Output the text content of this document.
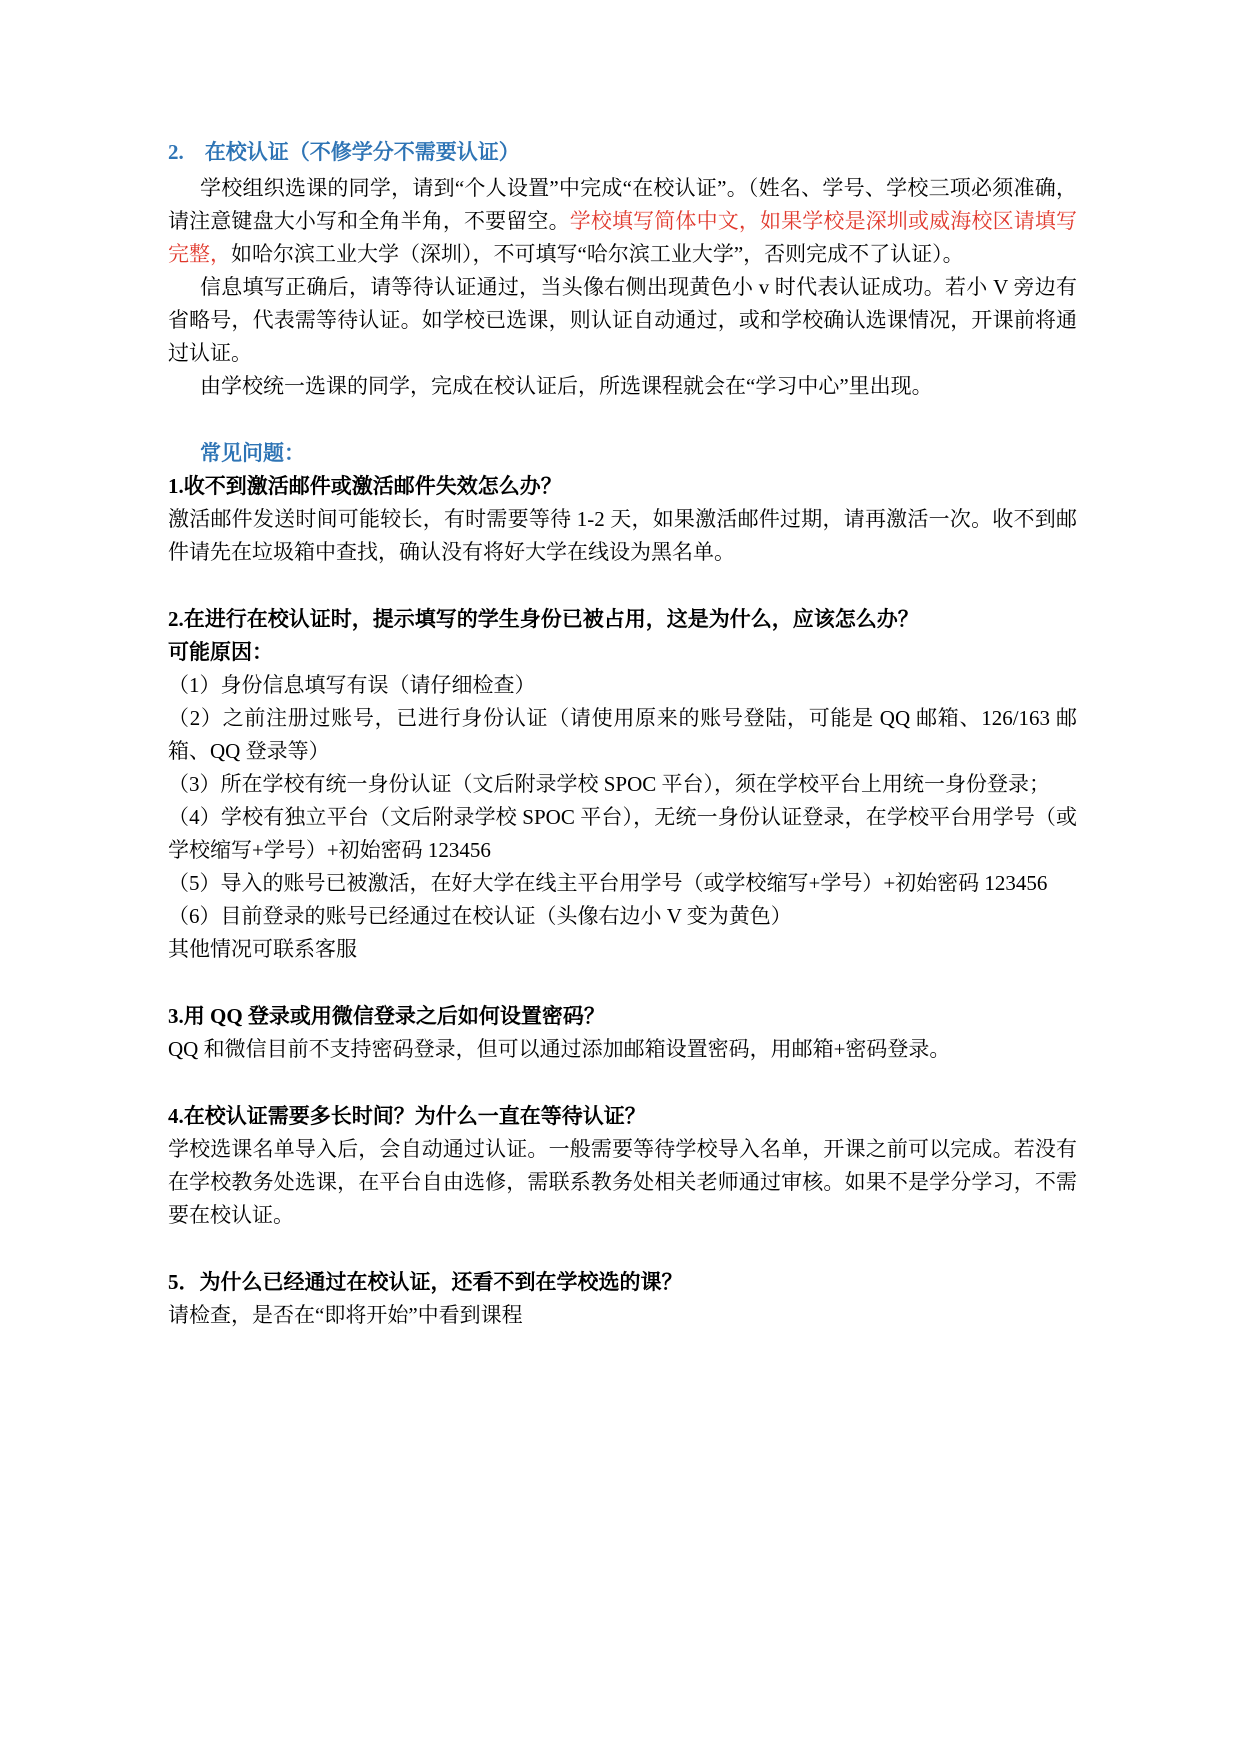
2.　在校认证（不修学分不需要认证）

学校组织选课的同学，请到“个人设置”中完成“在校认证”。（姓名、学号、学校三项必须准确，请注意键盘大小写和全角半角，不要留空。学校填写简体中文，如果学校是深圳或威海校区请填写完整，如哈尔滨工业大学（深圳），不可填写“哈尔滨工业大学”，否则完成不了认证）。

信息填写正确后，请等待认证通过，当头像右侧出现黄色小 v 时代表认证成功。若小 V 旁边有省略号，代表需等待认证。如学校已选课，则认证自动通过，或和学校确认选课情况，开课前将通过认证。

由学校统一选课的同学，完成在校认证后，所选课程就会在“学习中心”里出现。

常见问题：

1.收不到激活邮件或激活邮件失效怎么办？

激活邮件发送时间可能较长，有时需要等待 1-2 天，如果激活邮件过期，请再激活一次。收不到邮件请先在垃圾箱中查找，确认没有将好大学在线设为黑名单。

2.在进行在校认证时，提示填写的学生身份已被占用，这是为什么，应该怎么办？

可能原因：

（1）身份信息填写有误（请仔细检查）

（2）之前注册过账号，已进行身份认证（请使用原来的账号登陆，可能是 QQ 邮箱、126/163 邮箱、QQ 登录等）

（3）所在学校有统一身份认证（文后附录学校 SPOC 平台），须在学校平台上用统一身份登录；

（4）学校有独立平台（文后附录学校 SPOC 平台），无统一身份认证登录，在学校平台用学号（或学校缩写+学号）+初始密码 123456

（5）导入的账号已被激活，在好大学在线主平台用学号（或学校缩写+学号）+初始密码 123456

（6）目前登录的账号已经通过在校认证（头像右边小 V 变为黄色）

其他情况可联系客服

3.用 QQ 登录或用微信登录之后如何设置密码？

QQ 和微信目前不支持密码登录，但可以通过添加邮箱设置密码，用邮箱+密码登录。

4.在校认证需要多长时间？为什么一直在等待认证？

学校选课名单导入后，会自动通过认证。一般需要等待学校导入名单，开课之前可以完成。若没有在学校教务处选课，在平台自由选修，需联系教务处相关老师通过审核。如果不是学分学习，不需要在校认证。

5．为什么已经通过在校认证，还看不到在学校选的课？

请检查，是否在“即将开始”中看到课程
